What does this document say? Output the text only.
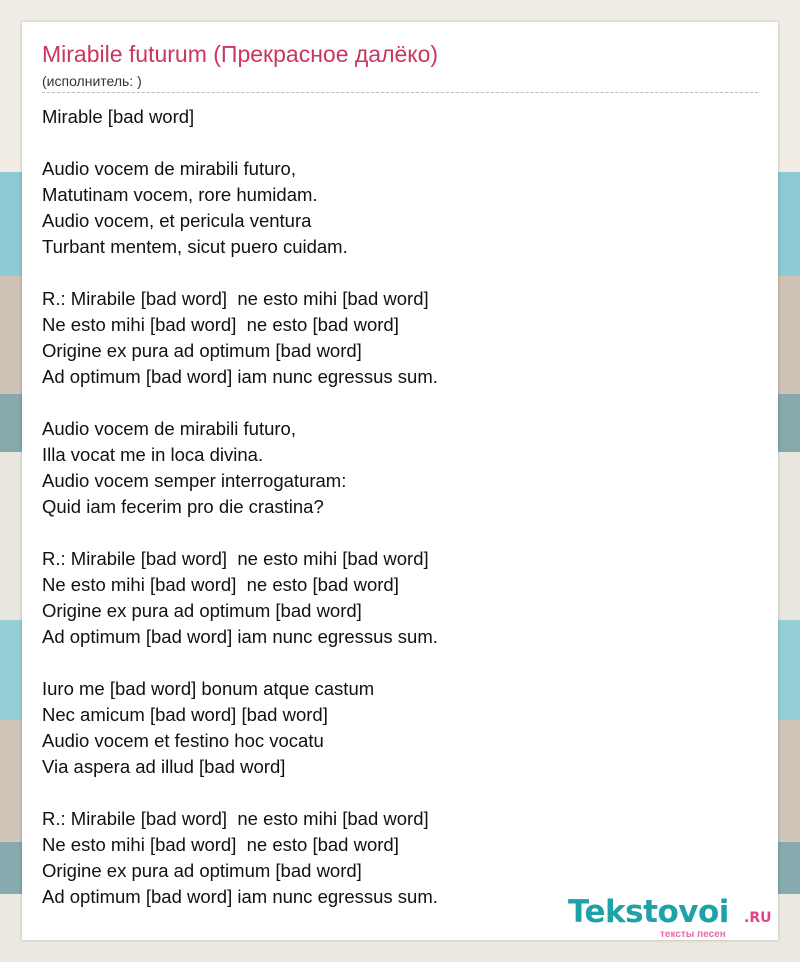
Mirabile futurum (Прекрасное далёко)
(исполнитель: )
Mirable [bad word]
Audio vocem de mirabili futuro,
Matutinam vocem, rore humidam.
Audio vocem, et pericula ventura
Turbant mentem, sicut puero cuidam.
R.: Mirabile [bad word]  ne esto mihi [bad word]
Ne esto mihi [bad word]  ne esto [bad word]
Origine ex pura ad optimum [bad word]
Ad optimum [bad word] iam nunc egressus sum.
Audio vocem de mirabili futuro,
Illa vocat me in loca divina.
Audio vocem semper interrogaturam:
Quid iam fecerim pro die crastina?
R.: Mirabile [bad word]  ne esto mihi [bad word]
Ne esto mihi [bad word]  ne esto [bad word]
Origine ex pura ad optimum [bad word]
Ad optimum [bad word] iam nunc egressus sum.
Iuro me [bad word] bonum atque castum
Nec amicum [bad word] [bad word]
Audio vocem et festino hoc vocatu
Via aspera ad illud [bad word]
R.: Mirabile [bad word]  ne esto mihi [bad word]
Ne esto mihi [bad word]  ne esto [bad word]
Origine ex pura ad optimum [bad word]
Ad optimum [bad word] iam nunc egressus sum.	Tekstovoi .RU
тексты песен
